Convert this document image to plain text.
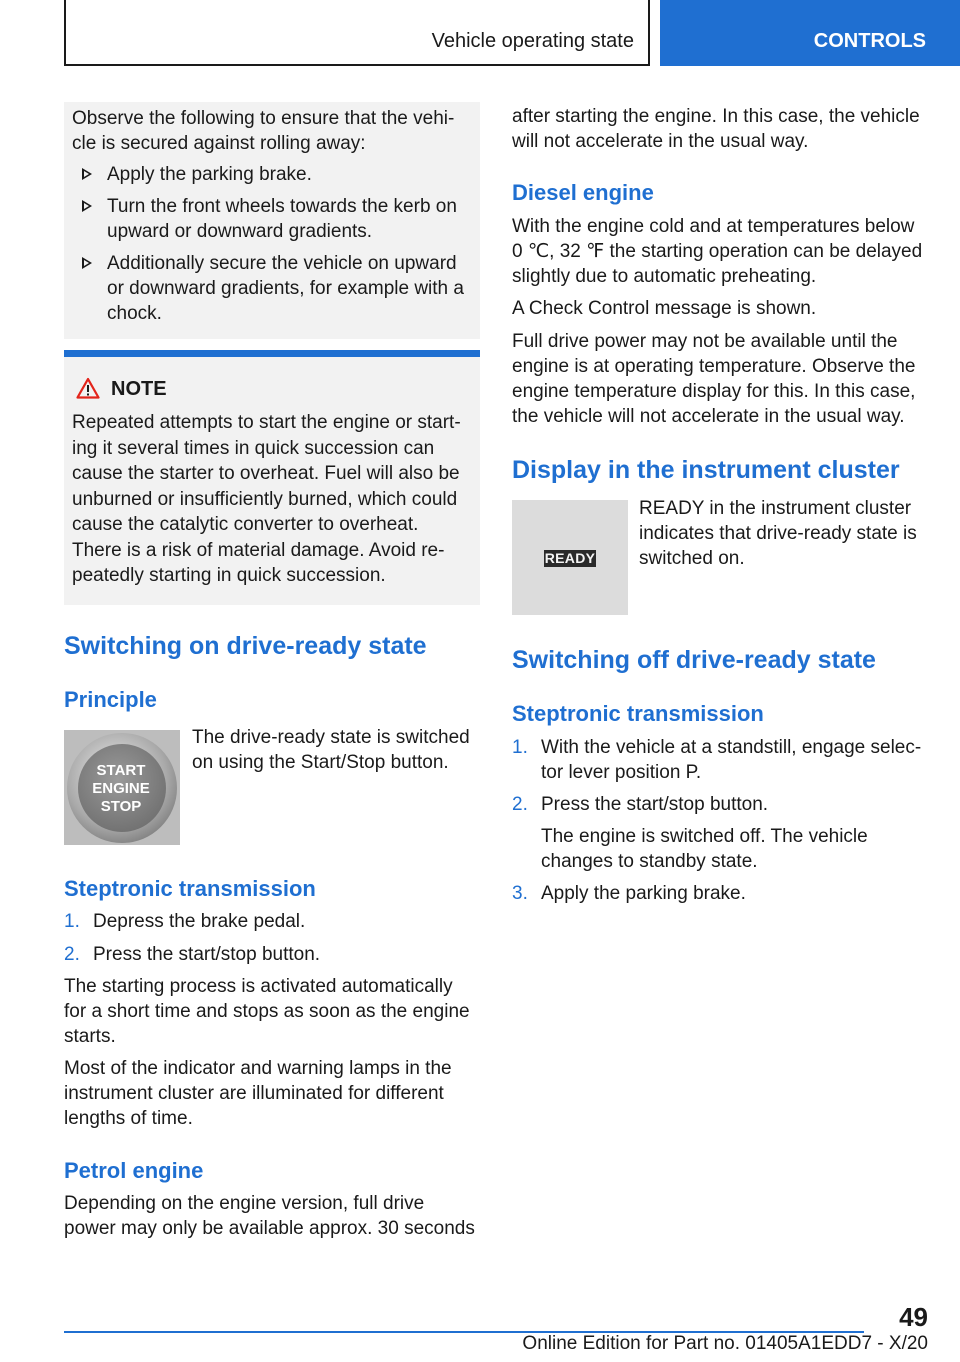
Vehicle operating state	CONTROLS
Observe the following to ensure that the vehi-
cle is secured against rolling away:
Apply the parking brake.
Turn the front wheels towards the kerb on
upward or downward gradients.
Additionally secure the vehicle on upward
or downward gradients, for example with a
chock.
NOTE
Repeated attempts to start the engine or start-
ing it several times in quick succession can
cause the starter to overheat. Fuel will also be
unburned or insufficiently burned, which could
cause the catalytic converter to overheat.
There is a risk of material damage. Avoid re-
peatedly starting in quick succession.
Switching on drive-ready state
Principle
START
ENGINE
STOP

The drive-ready state is switched

on using the Start/Stop button.

Steptronic transmission
1. Depress the brake pedal.
2. Press the start/stop button.

The starting process is activated automatically

for a short time and stops as soon as the engine

starts.

Most of the indicator and warning lamps in the

instrument cluster are illuminated for different

lengths of time.

Petrol engine

Depending on the engine version, full drive

power may only be available approx. 30 seconds

after starting the engine. In this case, the vehicle

will not accelerate in the usual way.

Diesel engine

With the engine cold and at temperatures below

0 ℃, 32 ℉ the starting operation can be delayed

slightly due to automatic preheating.

A Check Control message is shown.

Full drive power may not be available until the

engine is at operating temperature. Observe the

engine temperature display for this. In this case,

the vehicle will not accelerate in the usual way.

Display in the instrument cluster
READY

READY in the instrument cluster

indicates that drive-ready state is

switched on.

Switching off drive-ready state
Steptronic transmission
1. With the vehicle at a standstill, engage selec-
tor lever position P.
2. Press the start/stop button.
The engine is switched off. The vehicle
changes to standby state.
3. Apply the parking brake.
49
Online Edition for Part no. 01405A1EDD7 - X/20
